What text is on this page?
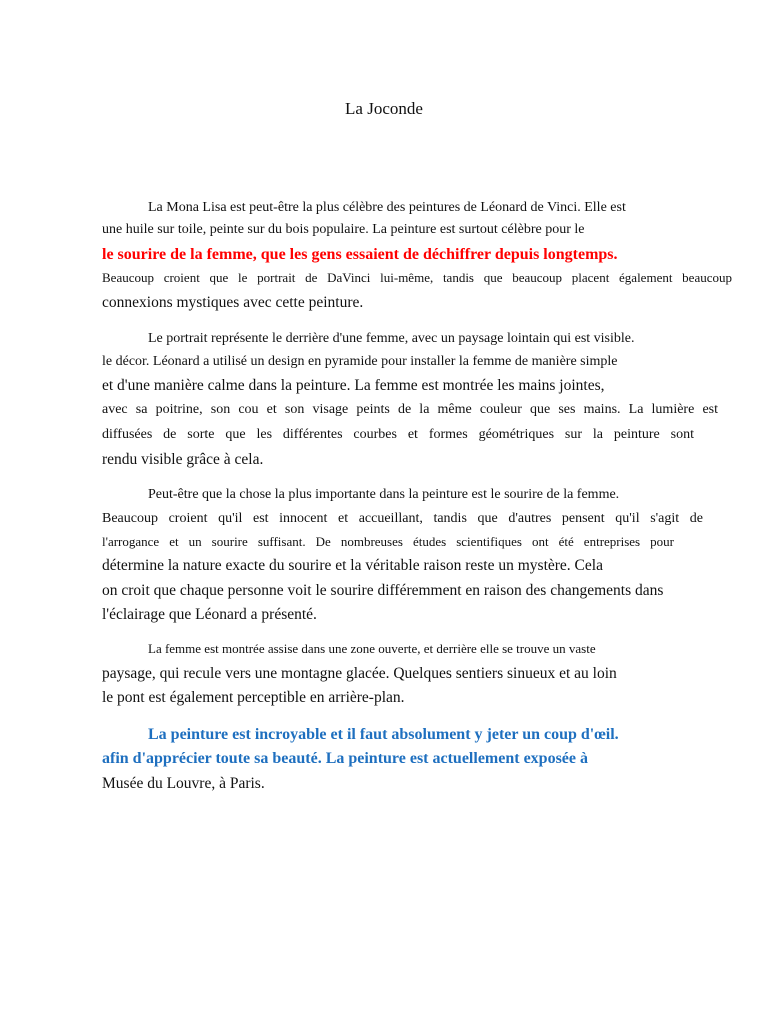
La Joconde
La Mona Lisa est peut-être la plus célèbre des peintures de Léonard de Vinci. Elle est
une huile sur toile, peinte sur du bois populaire. La peinture est surtout célèbre pour le
le sourire de la femme, que les gens essaient de déchiffrer depuis longtemps.
Beaucoup croient que le portrait de DaVinci lui-même, tandis que beaucoup placent également beaucoup
connexions mystiques avec cette peinture.
Le portrait représente le derrière d'une femme, avec un paysage lointain qui est visible.
le décor. Léonard a utilisé un design en pyramide pour installer la femme de manière simple
et d'une manière calme dans la peinture. La femme est montrée les mains jointes,
avec sa poitrine, son cou et son visage peints de la même couleur que ses mains. La lumière est
diffusées de sorte que les différentes courbes et formes géométriques sur la peinture sont
rendu visible grâce à cela.
Peut-être que la chose la plus importante dans la peinture est le sourire de la femme.
Beaucoup croient qu'il est innocent et accueillant, tandis que d'autres pensent qu'il s'agit de
l'arrogance et un sourire suffisant. De nombreuses études scientifiques ont été entreprises pour
détermine la nature exacte du sourire et la véritable raison reste un mystère. Cela
on croit que chaque personne voit le sourire différemment en raison des changements dans
l'éclairage que Léonard a présenté.
La femme est montrée assise dans une zone ouverte, et derrière elle se trouve un vaste
paysage, qui recule vers une montagne glacée. Quelques sentiers sinueux et au loin
le pont est également perceptible en arrière-plan.
La peinture est incroyable et il faut absolument y jeter un coup d'œil.
afin d'apprécier toute sa beauté. La peinture est actuellement exposée à
Musée du Louvre, à Paris.
